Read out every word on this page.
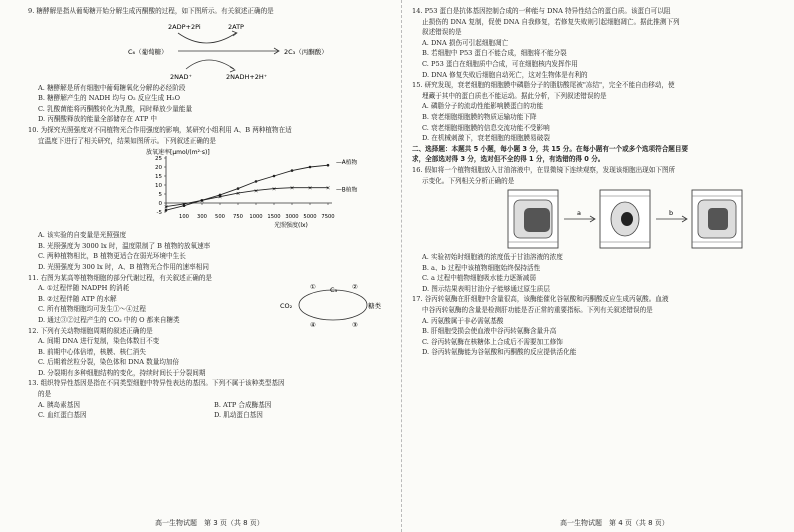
9. 糖酵解是指从葡萄糖开始分解生成丙酮酸的过程，如下图所示。有关叙述正确的是

2ADP+2Pi	2ATP
C₆（葡萄糖）	2C₃（丙酮酸）
2NAD⁺	2NADH+2H⁺

A. 糖酵解是所有细胞中葡萄糖氧化分解的必经阶段

B. 糖酵解产生的 NADH 均与 O₂ 反应生成 H₂O

C. 乳酸菌能将丙酮酸转化为乳酸，同时释放少量能量

D. 丙酮酸释放的能量全部储存在 ATP 中

10. 为探究光照强度对不同植物光合作用强度的影响，某研究小组利用 A、B 两种植物在适

宜温度下进行了相关研究，结果如图所示。下列叙述正确的是

-5
0
5
10
15
20
25
100 300 500 750 1000 1500 3000 5000 7500
—A植物
× ×
×
×
× × × × × × —B植物
放氧速率[μmol/(m²·s)]
光照强度(lx)

A. 该实验的自变量是光照强度

B. 光照强度为 3000 lx 时，温度限制了 B 植物的放氧速率

C. 两种植物相比，B 植物更适合在弱光环境中生长

D. 光照强度为 300 lx 时，A、B 植物光合作用的速率相同

11. 右图为某高等植物细胞的部分代谢过程，有关叙述正确的是

A. ①过程伴随 NADPH 的消耗

B. ②过程伴随 ATP 的水解

C. 所有植物细胞均可发生①～④过程

D. 通过③②过程产生的 CO₂ 中的 O 都来自糖类

① C₃ ②
CO₂	糖类
④	③

12. 下列有关动物细胞周期的叙述正确的是

A. 间期 DNA 进行复制，染色体数目不变

B. 前期中心体倍增，核膜、核仁消失

C. 后期着丝粒分裂，染色体和 DNA 数量均加倍

D. 分裂期有多种细胞结构的变化，持续时间长于分裂间期

13. 组织特异性基因是指在不同类型细胞中特异性表达的基因。下列不属于该种类型基因

的是

A. 胰岛素基因	B. ATP 合成酶基因
C. 血红蛋白基因	D. 肌动蛋白基因

14. P53 蛋白是抗体基因控制合成的一种能与 DNA 特异性结合的蛋白质。该蛋白可以阻

止损伤的 DNA 复制，促使 DNA 自我修复，若修复失败则引起细胞凋亡。据此推测下列

叙述错误的是

A. DNA 损伤可引起细胞凋亡

B. 若细胞中 P53 蛋白不能合成，细胞将不能分裂

C. P53 蛋白在细胞质中合成，可在细胞核内发挥作用

D. DNA 修复失败后细胞自动死亡，这对生物体是有利的

15. 研究发现，衰老细胞的细胞膜中磷脂分子的脂肪酸尾被"冻结"，完全不能自由移动，使

埋藏于其中的蛋白质也不能运动。据此分析，下列叙述错误的是

A. 磷脂分子的流动性能影响膜蛋白的功能

B. 衰老细胞细胞膜的物质运输功能下降

C. 衰老细胞细胞膜的信息交流功能不受影响

D. 在机械刺激下，衰老细胞的细胞膜易破裂

二、选择题：本题共 5 小题，每小题 3 分，共 15 分。在每小题有一个或多个选项符合题目要

求，全部选对得 3 分，选对但不全的得 1 分，有选错的得 0 分。

16. 假如将一个植物细胞放入甘油溶液中，在显微镜下连续观察，发现该细胞出现如下图所

示变化。下列相关分析正确的是

a	b

A. 实验初始时细胞液的浓度低于甘油溶液的浓度

B. a、b 过程中该植物细胞始终保持活性

C. a 过程中植物细胞吸水能力逐渐减弱

D. 图示结果表明甘油分子能够通过原生质层

17. 谷丙转氨酶在肝细胞中含量很高，该酶能催化谷氨酸和丙酮酸反应生成丙氨酸。血液

中谷丙转氨酶的含量是检测肝功能是否正常的重要指标。下列有关叙述错误的是

A. 丙氨酸属于非必需氨基酸

B. 肝细胞受损会使血液中谷丙转氨酶含量升高

C. 谷丙转氨酶在核糖体上合成后不需要加工修饰

D. 谷丙转氨酶能为谷氨酸和丙酮酸的反应提供活化能

高一生物试题　第 3 页（共 8 页）	高一生物试题　第 4 页（共 8 页）
